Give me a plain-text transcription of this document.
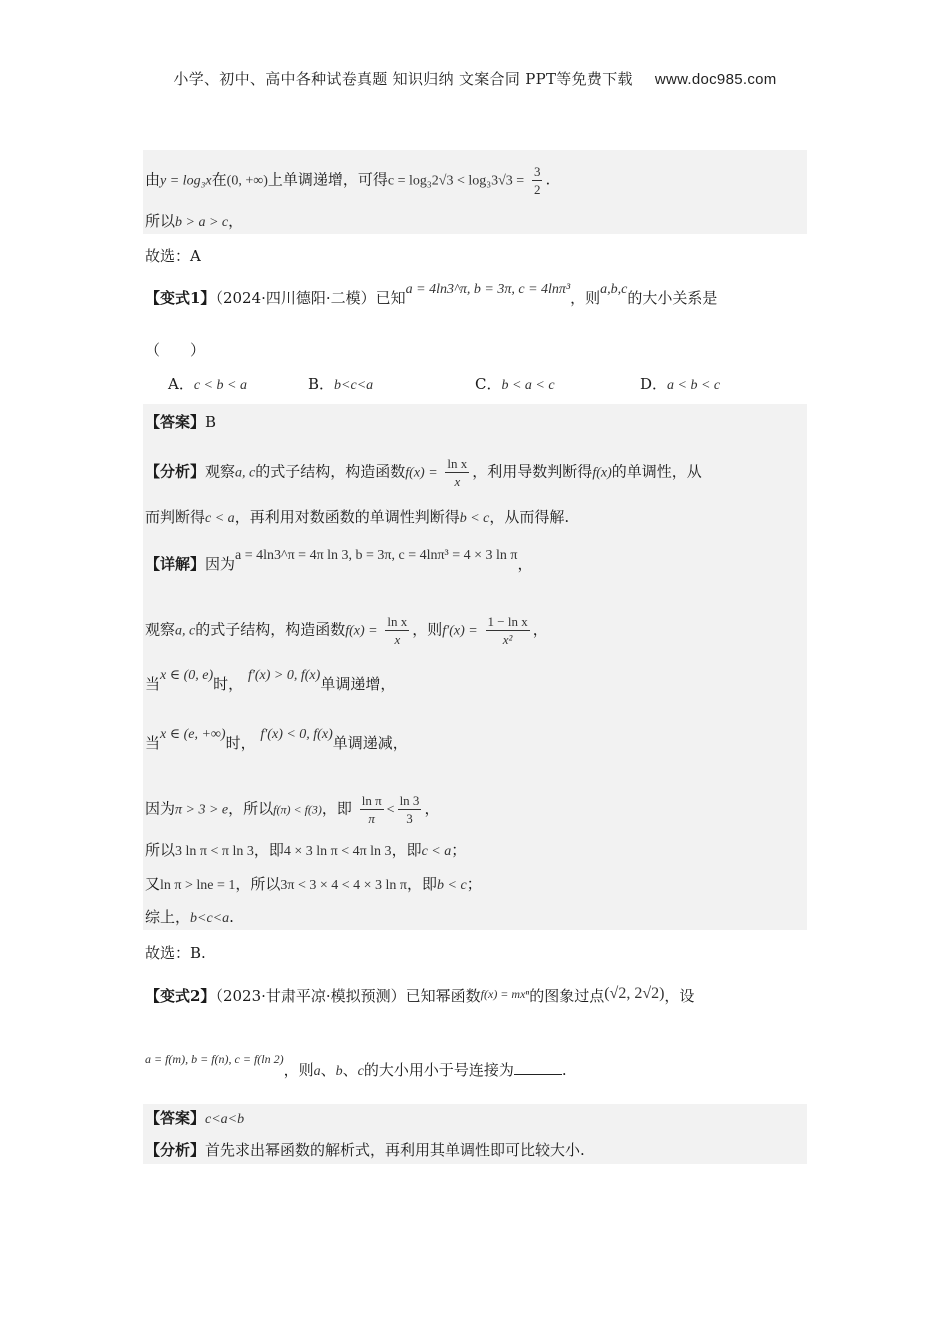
小学、初中、高中各种试卷真题 知识归纳 文案合同 PPT等免费下载 www.doc985.com
由y = log₃x在(0, +∞)上单调递增，可得$c = \log_32√3 < \log_33√3 = \frac{3}{2}$ .
所以b > a > c，
故选：A
【变式1】（2024·四川德阳·二模）已知a = 4ln3^π, b = 3π, c = 4lnπ³，则a,b,c的大小关系是
（　　）
A．c < b < a	B．b<c<a	C．b < a < c	D．a < b < c
【答案】B
【分析】观察a, c的式子结构，构造函数$f(x) = \frac{\text{ln x}}{x}$ ，利用导数判断得f(x)的单调性，从
而判断得c < a，再利用对数函数的单调性判断得b < c，从而得解.
【详解】因为a = 4ln3^π = 4π ln 3, b = 3π, c = 4lnπ³ = 4 × 3 ln π，
观察a, c的式子结构，构造函数$f(x) = \frac{\text{ln x}}{x}$ ，则$f'(x) = \frac{\text{1 − ln x}}{\text{x²}}$ ，
当x ∈ (0, e)时， f′(x) > 0, f(x)单调递增，
当x ∈ (e, +∞)时， f′(x) < 0, f(x)单调递减，
因为π > 3 > e，所以f(π) < f(3)，即 $\frac{\text{ln π}}{\pi} < \frac{\ln 3}{3}$ ，
所以3 ln π < π ln 3，即4 × 3 ln π < 4π ln 3，即c < a；
又ln π > lne = 1，所以3π < 3 × 4 < 4 × 3 ln π，即b < c；
综上，b<c<a.
故选：B.
【变式2】（2023·甘肃平凉·模拟预测）已知幂函数$^{f(x) = mx^n}$的图象过点(√2, 2√2)，设
$^{a = f(m), b = f(n), c = f(ln 2)}$，则a、b、c的大小用小于号连接为	.
【答案】c<a<b
【分析】首先求出幂函数的解析式，再利用其单调性即可比较大小.
